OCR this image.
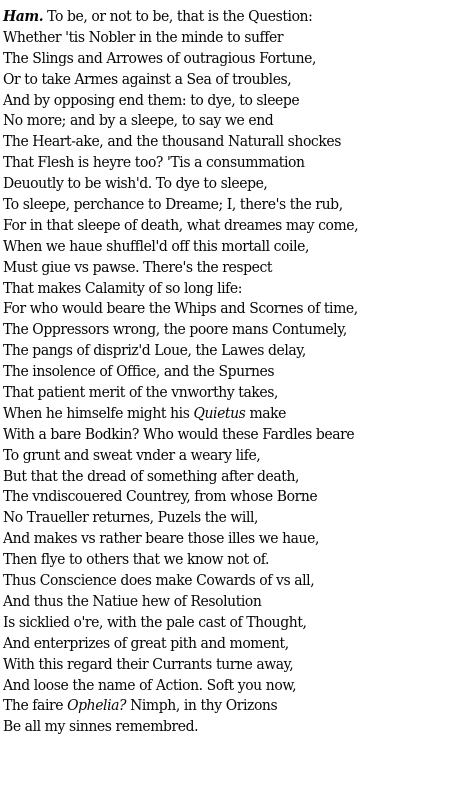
Ham. To be, or not to be, that is the Question:
Whether 'tis Nobler in the minde to suffer
The Slings and Arrowes of outragious Fortune,
Or to take Armes against a Sea of troubles,
And by opposing end them: to dye, to sleepe
No more; and by a sleepe, to say we end
The Heart-ake, and the thousand Naturall shockes
That Flesh is heyre too? 'Tis a consummation
Deuoutly to be wish'd. To dye to sleepe,
To sleepe, perchance to Dreame; I, there's the rub,
For in that sleepe of death, what dreames may come,
When we haue shufflel'd off this mortall coile,
Must giue vs pawse. There's the respect
That makes Calamity of so long life:
For who would beare the Whips and Scornes of time,
The Oppressors wrong, the poore mans Contumely,
The pangs of dispriz'd Loue, the Lawes delay,
The insolence of Office, and the Spurnes
That patient merit of the vnworthy takes,
When he himselfe might his Quietus make
With a bare Bodkin? Who would these Fardles beare
To grunt and sweat vnder a weary life,
But that the dread of something after death,
The vndiscouered Countrey, from whose Borne
No Traueller returnes, Puzels the will,
And makes vs rather beare those illes we haue,
Then flye to others that we know not of.
Thus Conscience does make Cowards of vs all,
And thus the Natiue hew of Resolution
Is sicklied o're, with the pale cast of Thought,
And enterprizes of great pith and moment,
With this regard their Currants turne away,
And loose the name of Action. Soft you now,
The faire Ophelia? Nimph, in thy Orizons
Be all my sinnes remembred.
